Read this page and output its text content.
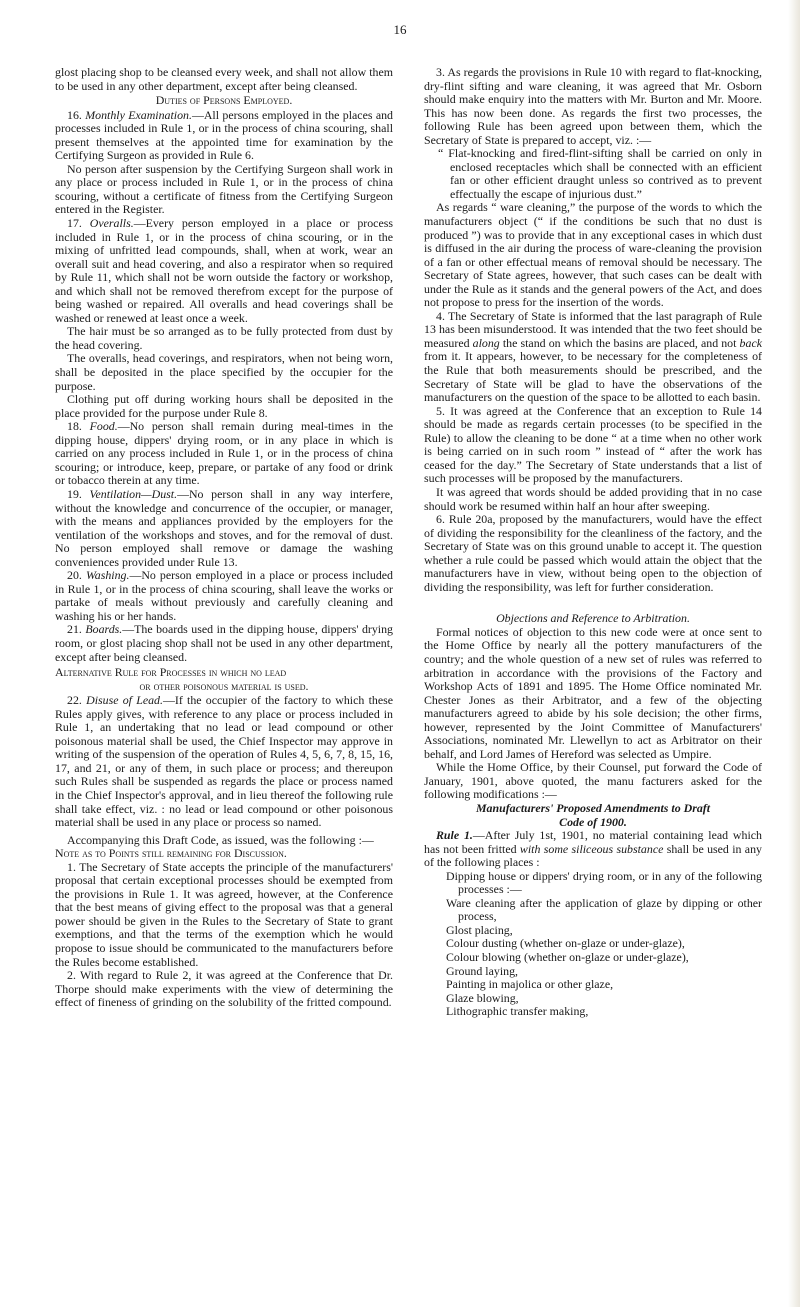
16

glost placing shop to be cleansed every week, and shall not allow them to be used in any other department, except after being cleansed.

Duties of Persons Employed.

16. Monthly Examination.—All persons employed in the places and processes included in Rule 1, or in the process of china scouring, shall present themselves at the appointed time for examination by the Certifying Surgeon as provided in Rule 6.

No person after suspension by the Certifying Surgeon shall work in any place or process included in Rule 1, or in the process of china scouring, without a certificate of fitness from the Certifying Surgeon entered in the Register.

17. Overalls.—Every person employed in a place or process included in Rule 1, or in the process of china scouring, or in the mixing of unfritted lead compounds, shall, when at work, wear an overall suit and head covering, and also a respirator when so required by Rule 11, which shall not be worn outside the factory or workshop, and which shall not be removed therefrom except for the purpose of being washed or repaired. All overalls and head coverings shall be washed or renewed at least once a week.

The hair must be so arranged as to be fully protected from dust by the head covering.

The overalls, head coverings, and respirators, when not being worn, shall be deposited in the place specified by the occupier for the purpose.

Clothing put off during working hours shall be deposited in the place provided for the purpose under Rule 8.

18. Food.—No person shall remain during meal-times in the dipping house, dippers' drying room, or in any place in which is carried on any process included in Rule 1, or in the process of china scouring; or introduce, keep, prepare, or partake of any food or drink or tobacco therein at any time.

19. Ventilation—Dust.—No person shall in any way interfere, without the knowledge and concurrence of the occupier, or manager, with the means and appliances provided by the employers for the ventilation of the workshops and stoves, and for the removal of dust. No person employed shall remove or damage the washing conveniences provided under Rule 13.

20. Washing.—No person employed in a place or process included in Rule 1, or in the process of china scouring, shall leave the works or partake of meals without previously and carefully cleaning and washing his or her hands.

21. Boards.—The boards used in the dipping house, dippers' drying room, or glost placing shop shall not be used in any other department, except after being cleansed.

Alternative Rule for Processes in which no lead

or other poisonous material is used.

22. Disuse of Lead.—If the occupier of the factory to which these Rules apply gives, with reference to any place or process included in Rule 1, an undertaking that no lead or lead compound or other poisonous material shall be used, the Chief Inspector may approve in writing of the suspension of the operation of Rules 4, 5, 6, 7, 8, 15, 16, 17, and 21, or any of them, in such place or process; and thereupon such Rules shall be suspended as regards the place or process named in the Chief Inspector's approval, and in lieu thereof the following rule shall take effect, viz. : no lead or lead compound or other poisonous material shall be used in any place or process so named.

Accompanying this Draft Code, as issued, was the following :—

Note as to Points still remaining for Discussion.

1. The Secretary of State accepts the principle of the manufacturers' proposal that certain exceptional processes should be exempted from the provisions in Rule 1. It was agreed, however, at the Conference that the best means of giving effect to the proposal was that a general power should be given in the Rules to the Secretary of State to grant exemptions, and that the terms of the exemption which he would propose to issue should be communicated to the manufacturers before the Rules become established.

2. With regard to Rule 2, it was agreed at the Conference that Dr. Thorpe should make experiments with the view of determining the effect of fineness of grinding on the solubility of the fritted compound.

3. As regards the provisions in Rule 10 with regard to flat-knocking, dry-flint sifting and ware cleaning, it was agreed that Mr. Osborn should make enquiry into the matters with Mr. Burton and Mr. Moore. This has now been done. As regards the first two processes, the following Rule has been agreed upon between them, which the Secretary of State is prepared to accept, viz. :—

“ Flat-knocking and fired-flint-sifting shall be carried on only in enclosed receptacles which shall be connected with an efficient fan or other efficient draught unless so contrived as to prevent effectually the escape of injurious dust.”

As regards “ ware cleaning,” the purpose of the words to which the manufacturers object (“ if the conditions be such that no dust is produced ”) was to provide that in any exceptional cases in which dust is diffused in the air during the process of ware-cleaning the provision of a fan or other effectual means of removal should be necessary. The Secretary of State agrees, however, that such cases can be dealt with under the Rule as it stands and the general powers of the Act, and does not propose to press for the insertion of the words.

4. The Secretary of State is informed that the last paragraph of Rule 13 has been misunderstood. It was intended that the two feet should be measured along the stand on which the basins are placed, and not back from it. It appears, however, to be necessary for the completeness of the Rule that both measurements should be prescribed, and the Secretary of State will be glad to have the observations of the manufacturers on the question of the space to be allotted to each basin.

5. It was agreed at the Conference that an exception to Rule 14 should be made as regards certain processes (to be specified in the Rule) to allow the cleaning to be done “ at a time when no other work is being carried on in such room ” instead of “ after the work has ceased for the day.” The Secretary of State understands that a list of such processes will be proposed by the manufacturers.

It was agreed that words should be added providing that in no case should work be resumed within half an hour after sweeping.

6. Rule 20a, proposed by the manufacturers, would have the effect of dividing the responsibility for the cleanliness of the factory, and the Secretary of State was on this ground unable to accept it. The question whether a rule could be passed which would attain the object that the manufacturers have in view, without being open to the objection of dividing the responsibility, was left for further consideration.

Objections and Reference to Arbitration.

Formal notices of objection to this new code were at once sent to the Home Office by nearly all the pottery manufacturers of the country; and the whole question of a new set of rules was referred to arbitration in accordance with the provisions of the Factory and Workshop Acts of 1891 and 1895. The Home Office nominated Mr. Chester Jones as their Arbitrator, and a few of the objecting manufacturers agreed to abide by his sole decision; the other firms, however, represented by the Joint Committee of Manufacturers' Associations, nominated Mr. Llewellyn to act as Arbitrator on their behalf, and Lord James of Hereford was selected as Umpire.

While the Home Office, by their Counsel, put forward the Code of January, 1901, above quoted, the manu facturers asked for the following modifications :—

Manufacturers' Proposed Amendments to Draft

Code of 1900.

Rule 1.—After July 1st, 1901, no material containing lead which has not been fritted with some siliceous substance shall be used in any of the following places :

Dipping house or dippers' drying room, or in any of the following processes :—

Ware cleaning after the application of glaze by dipping or other process,

Glost placing,

Colour dusting (whether on-glaze or under-glaze),

Colour blowing (whether on-glaze or under-glaze),

Ground laying,

Painting in majolica or other glaze,

Glaze blowing,

Lithographic transfer making,
